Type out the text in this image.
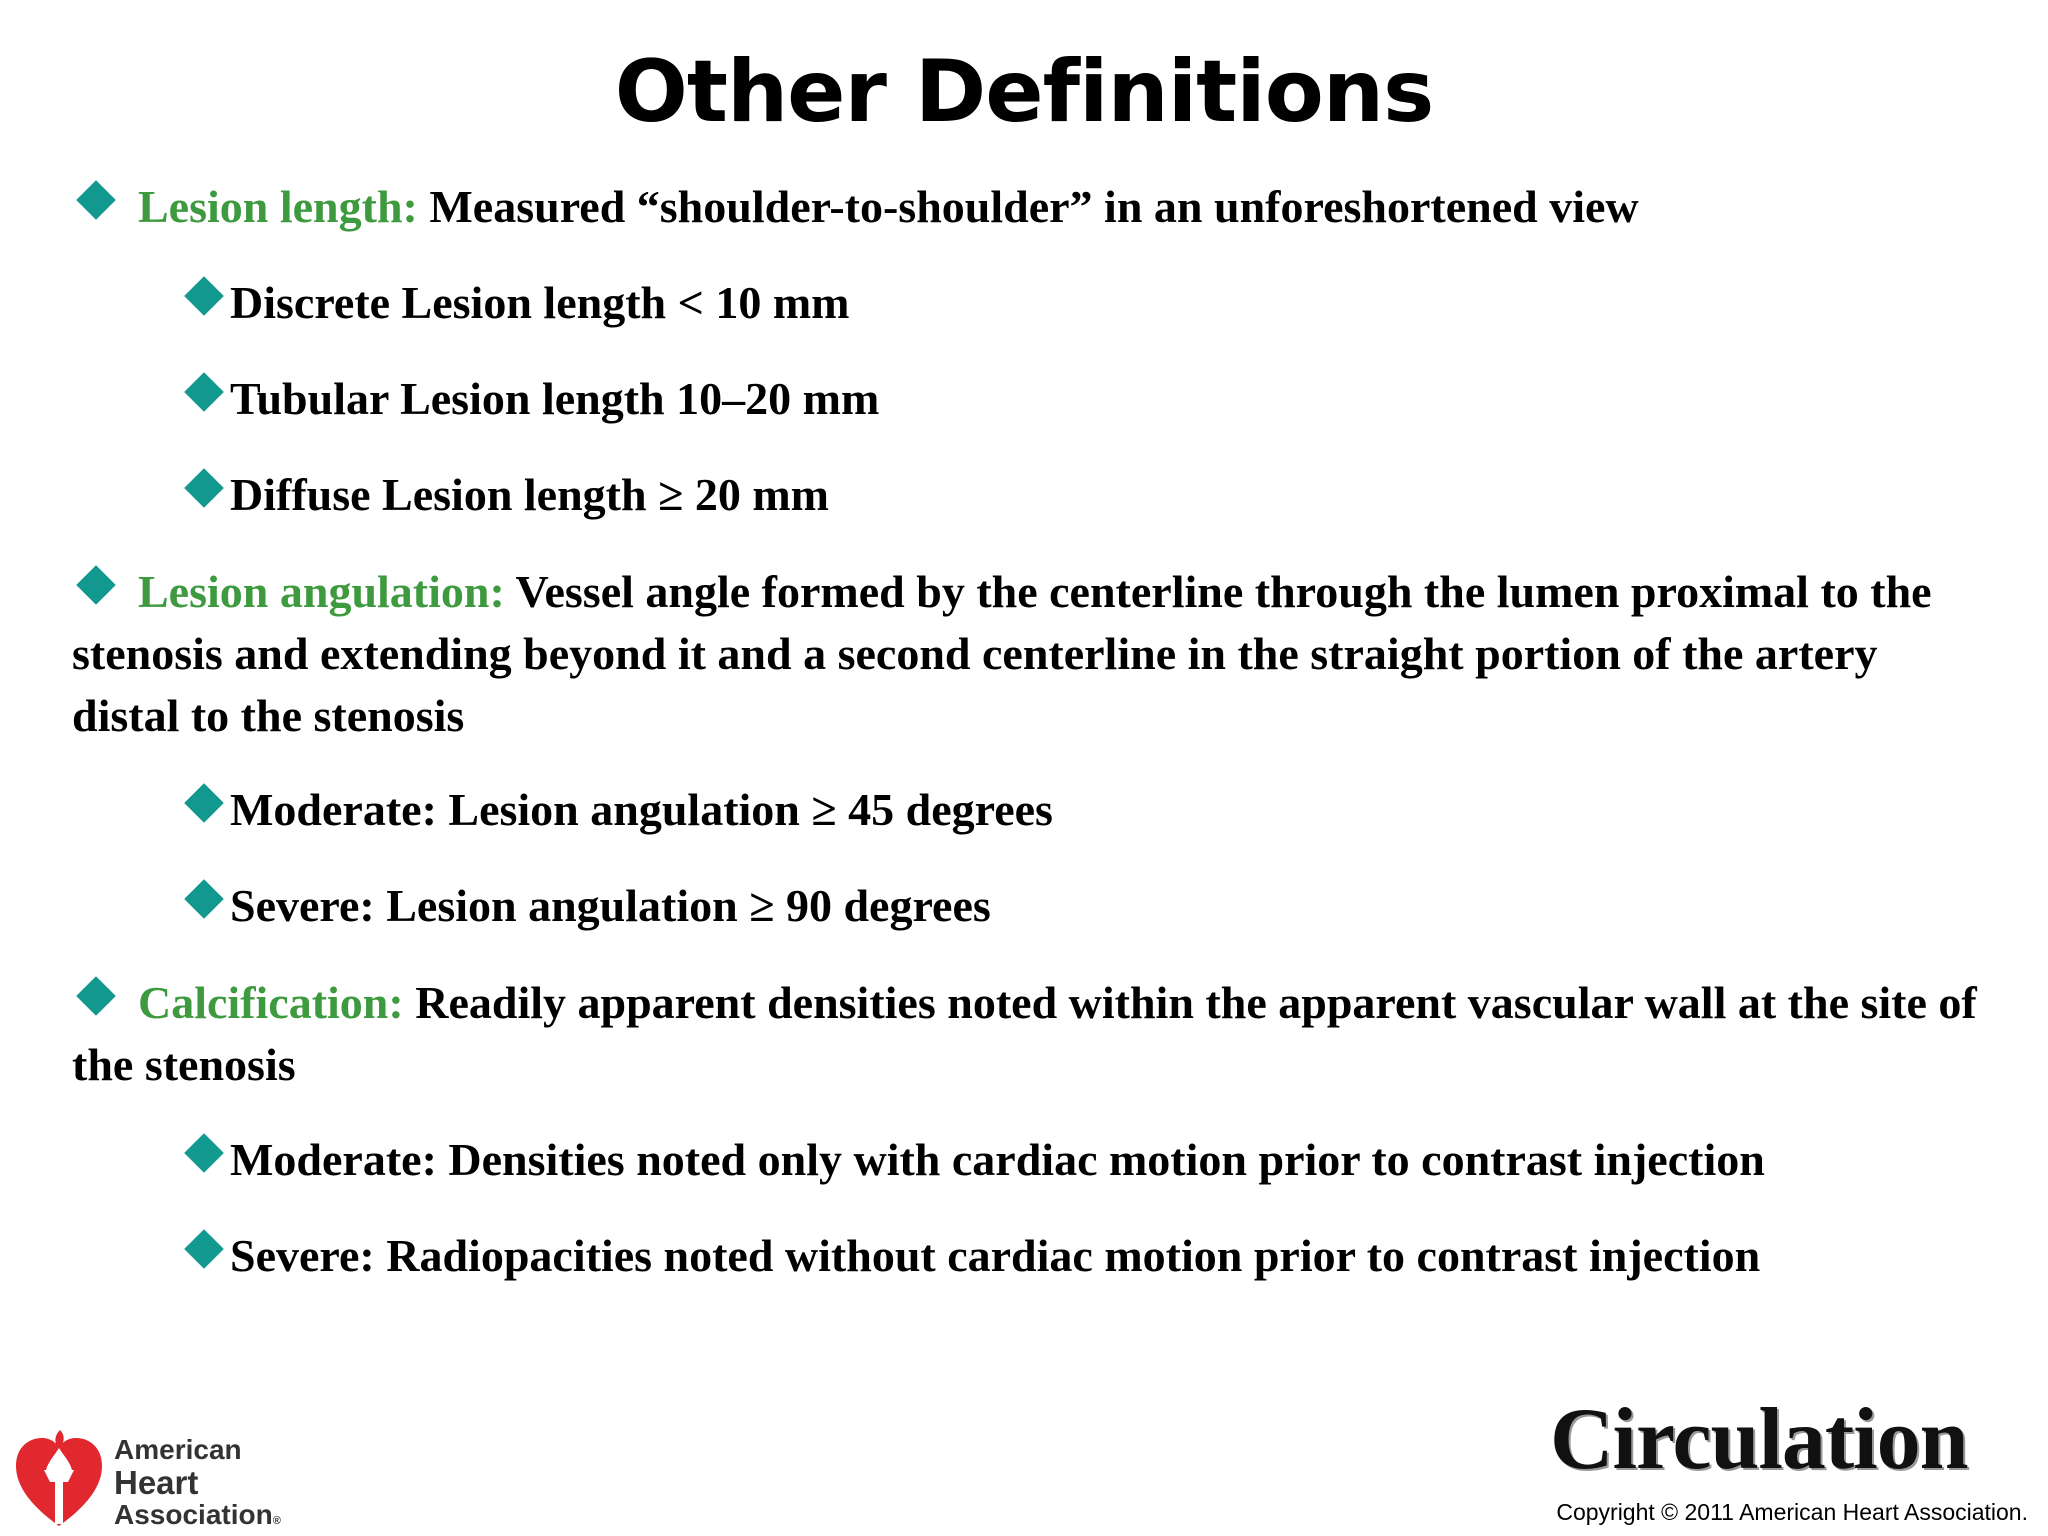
Other Definitions
Lesion length: Measured “shoulder-to-shoulder” in an unforeshortened view
Discrete Lesion length < 10 mm
Tubular Lesion length 10–20 mm
Diffuse Lesion length ≥ 20 mm
Lesion angulation: Vessel angle formed by the centerline through the lumen proximal to the stenosis and extending beyond it and a second centerline in the straight portion of the artery distal to the stenosis
Moderate: Lesion angulation ≥ 45 degrees
Severe: Lesion angulation ≥ 90 degrees
Calcification: Readily apparent densities noted within the apparent vascular wall at the site of the stenosis
Moderate: Densities noted only with cardiac motion prior to contrast injection
Severe: Radiopacities noted without cardiac motion prior to contrast injection
American
Heart
Association®
Circulation
Copyright © 2011 American Heart Association.
